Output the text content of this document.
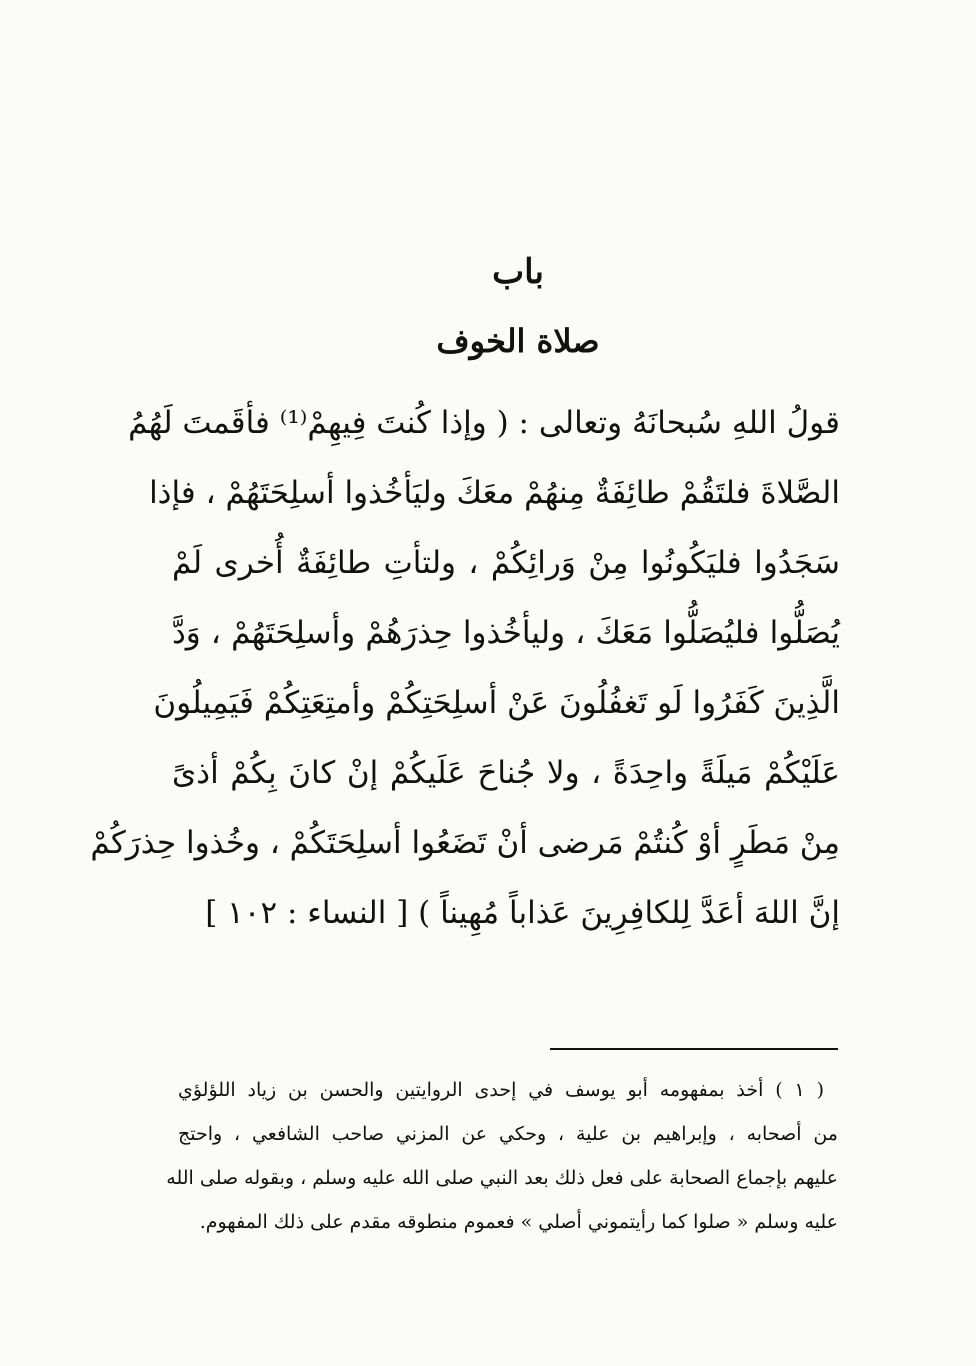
باب
صلاة الخوف
قولُ اللهِ سُبحانَهُ وتعالى : ( وإذا كُنتَ فِيهِمْ⁽¹⁾ فأقَمتَ لَهُمُ
الصَّلاةَ فلتَقُمْ طائِفَةٌ مِنهُمْ معَكَ وليَأخُذوا أسلِحَتَهُمْ ، فإذا
سَجَدُوا فليَكُونُوا مِنْ وَرائِكُمْ ، ولتأتِ طائِفَةٌ أُخرى لَمْ
يُصَلُّوا فليُصَلُّوا مَعَكَ ، وليأخُذوا حِذرَهُمْ وأسلِحَتَهُمْ ، وَدَّ
الَّذِينَ كَفَرُوا لَو تَغفُلُونَ عَنْ أسلِحَتِكُمْ وأمتِعَتِكُمْ فَيَمِيلُونَ
عَلَيْكُمْ مَيلَةً واحِدَةً ، ولا جُناحَ عَلَيكُمْ إنْ كانَ بِكُمْ أذىً
مِنْ مَطَرٍ أوْ كُنتُمْ مَرضى أنْ تَضَعُوا أسلِحَتَكُمْ ، وخُذوا حِذرَكُمْ
إنَّ اللهَ أعَدَّ لِلكافِرِينَ عَذاباً مُهِيناً ) [ النساء : ١٠٢ ]
( ١ ) أخذ بمفهومه أبو يوسف في إحدى الروايتين والحسن بن زياد اللؤلؤي
من أصحابه ، وإبراهيم بن علية ، وحكي عن المزني صاحب الشافعي ، واحتج
عليهم بإجماع الصحابة على فعل ذلك بعد النبي صلى الله عليه وسلم ، وبقوله صلى الله
عليه وسلم « صلوا كما رأيتموني أصلي » فعموم منطوقه مقدم على ذلك المفهوم.
